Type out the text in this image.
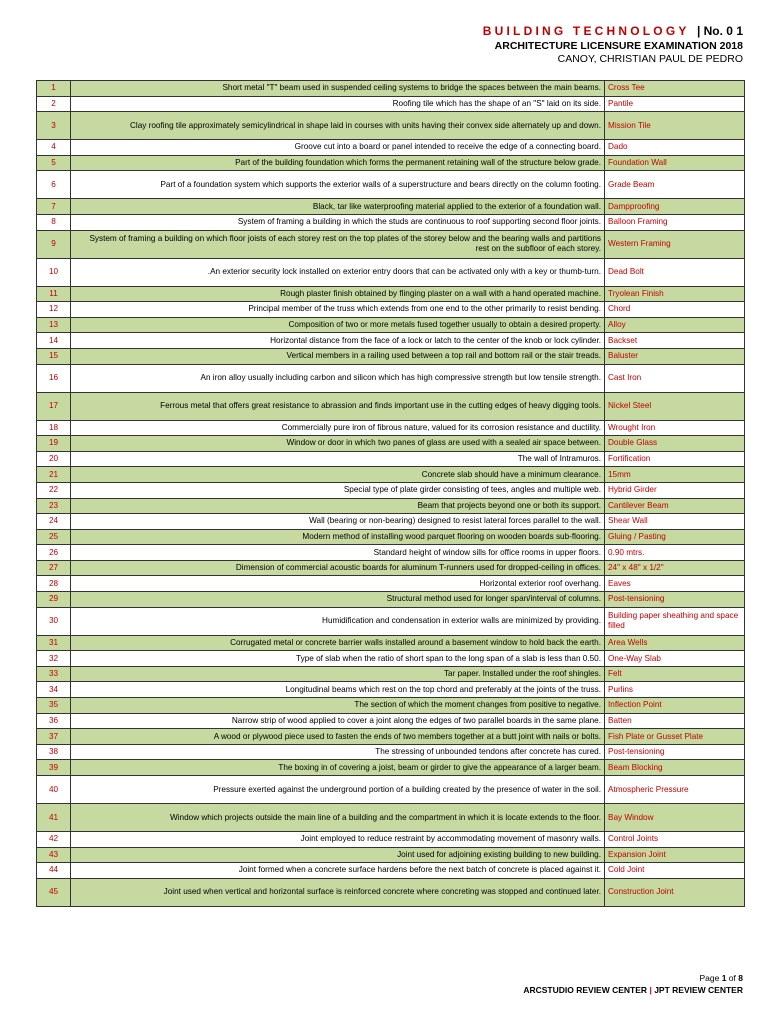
BUILDING TECHNOLOGY | No. 0 1
ARCHITECTURE LICENSURE EXAMINATION 2018
CANOY, CHRISTIAN PAUL DE PEDRO
1	Short metal "T" beam used in suspended ceiling systems to bridge the spaces between the main beams.	Cross Tee
2	Roofing tile which has the shape of an "S" laid on its side.	Pantile
3	Clay roofing tile approximately semicylindrical in shape laid in courses with units having their convex side alternately up and down.	Mission Tile
4	Groove cut into a board or panel intended to receive the edge of a connecting board.	Dado
5	Part of the building foundation which forms the permanent retaining wall of the structure below grade.	Foundation Wall
6	Part of a foundation system which supports the exterior walls of a superstructure and bears directly on the column footing.	Grade Beam
7	Black, tar like waterproofing material applied to the exterior of a foundation wall.	Dampproofing
8	System of framing a building in which the studs are continuous to roof supporting second floor joints.	Balloon Framing
9	System of framing a building on which floor joists of each storey rest on the top plates of the storey below and the bearing walls and partitions rest on the subfloor of each storey.	Western Framing
10	.An exterior security lock installed on exterior entry doors that can be activated only with a key or thumb-turn.	Dead Bolt
11	Rough plaster finish obtained by flinging plaster on a wall with a hand operated machine.	Tryolean Finish
12	Principal member of the truss which extends from one end to the other primarily to resist bending.	Chord
13	Composition of two or more metals fused together usually to obtain a desired property.	Alloy
14	Horizontal distance from the face of a lock or latch to the center of the knob or lock cylinder.	Backset
15	Vertical members in a railing used between a top rail and bottom rail or the stair treads.	Baluster
16	An iron alloy usually including carbon and silicon which has high compressive strength but low tensile strength.	Cast Iron
17	Ferrous metal that offers great resistance to abrassion and finds important use in the cutting edges of heavy digging tools.	Nickel Steel
18	Commercially pure iron of fibrous nature, valued for its corrosion resistance and ductility.	Wrought Iron
19	Window or door in which two panes of glass are used with a sealed air space between.	Double Glass
20	The wall of Intramuros.	Fortification
21	Concrete slab should have a minimum clearance.	15mm
22	Special type of plate girder consisting of tees, angles and multiple web.	Hybrid Girder
23	Beam that projects beyond one or both its support.	Cantilever Beam
24	Wall (bearing or non-bearing) designed to resist lateral forces parallel to the wall.	Shear Wall
25	Modern method of installing wood parquet flooring on wooden boards sub-flooring.	Gluing / Pasting
26	Standard height of window sills for office rooms in upper floors.	0.90 mtrs.
27	Dimension of commercial acoustic boards for aluminum T-runners used for dropped-ceiling in offices.	24" x 48" x 1/2"
28	Horizontal exterior roof overhang.	Eaves
29	Structural method used for longer span/interval of columns.	Post-tensioning
30	Humidification and condensation in exterior walls are minimized by providing.	Building paper sheathing and space filled
31	Corrugated metal or concrete barrier walls installed around a basement window to hold back the earth.	Area Wells
32	Type of slab when the ratio of short span to the long span of a slab is less than 0.50.	One-Way Slab
33	Tar paper. Installed under the roof shingles.	Felt
34	Longitudinal beams which rest on the top chord and preferably at the joints of the truss.	Purlins
35	The section of which the moment changes from positive to negative.	Inflection Point
36	Narrow strip of wood applied to cover a joint along the edges of two parallel boards in the same plane.	Batten
37	A wood or plywood piece used to fasten the ends of two members together at a butt joint with nails or bolts.	Fish Plate or Gusset Plate
38	The stressing of unbounded tendons after concrete has cured.	Post-tensioning
39	The boxing in of covering a joist, beam or girder to give the appearance of a larger beam.	Beam Blocking
40	Pressure exerted against the underground portion of a building created by the presence of water in the soil.	Atmospheric Pressure
41	Window which projects outside the main line of a building and the compartment in which it is locate extends to the floor.	Bay Window
42	Joint employed to reduce restraint by accommodating movement of masonry walls.	Control Joints
43	Joint used for adjoining existing building to new building.	Expansion Joint
44	Joint formed when a concrete surface hardens before the next batch of concrete is placed against it.	Cold Joint
45	Joint used when vertical and horizontal surface is reinforced concrete where concreting was stopped and continued later.	Construction Joint
Page 1 of 8
ARCSTUDIO REVIEW CENTER | JPT REVIEW CENTER
